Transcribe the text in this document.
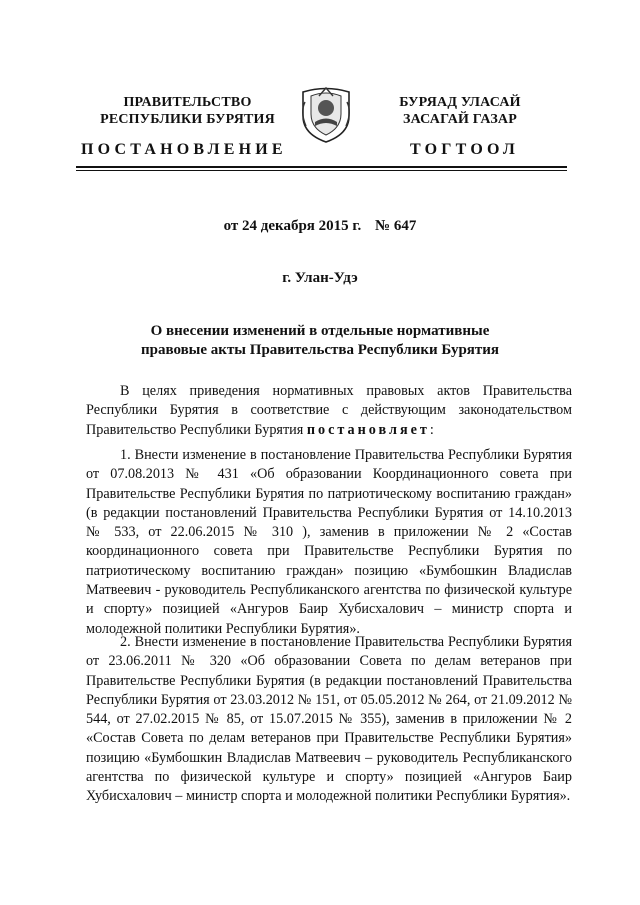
ПРАВИТЕЛЬСТВО
РЕСПУБЛИКИ БУРЯТИЯ
БУРЯАД УЛАСАЙ
ЗАСАГАЙ ГАЗАР
ПОСТАНОВЛЕНИЕ	ТОГТООЛ
от 24 декабря 2015 г. № 647
г. Улан-Удэ
О внесении изменений в отдельные нормативные
правовые акты Правительства Республики Бурятия
В целях приведения нормативных правовых актов Правительства Республики Бурятия в соответствие с действующим законодательством Правительство Республики Бурятия постановляет:
1. Внести изменение в постановление Правительства Республики Бурятия от 07.08.2013 № 431 «Об образовании Координационного совета при Правительстве Республики Бурятия по патриотическому воспитанию граждан» (в редакции постановлений Правительства Республики Бурятия от 14.10.2013 № 533, от 22.06.2015 № 310 ), заменив в приложении № 2 «Состав координационного совета при Правительстве Республики Бурятия по патриотическому воспитанию граждан» позицию «Бумбошкин Владислав Матвеевич - руководитель Республиканского агентства по физической культуре и спорту» позицией «Ангуров Баир Хубисхалович – министр спорта и молодежной политики Республики Бурятия».
2. Внести изменение в постановление Правительства Республики Бурятия от 23.06.2011 № 320 «Об образовании Совета по делам ветеранов при Правительстве Республики Бурятия (в редакции постановлений Правительства Республики Бурятия от 23.03.2012 № 151, от 05.05.2012 № 264, от 21.09.2012 № 544, от 27.02.2015 № 85, от 15.07.2015 № 355), заменив в приложении № 2 «Состав Совета по делам ветеранов при Правительстве Республики Бурятия» позицию «Бумбошкин Владислав Матвеевич – руководитель Республиканского агентства по физической культуре и спорту» позицией «Ангуров Баир Хубисхалович – министр спорта и молодежной политики Республики Бурятия».
